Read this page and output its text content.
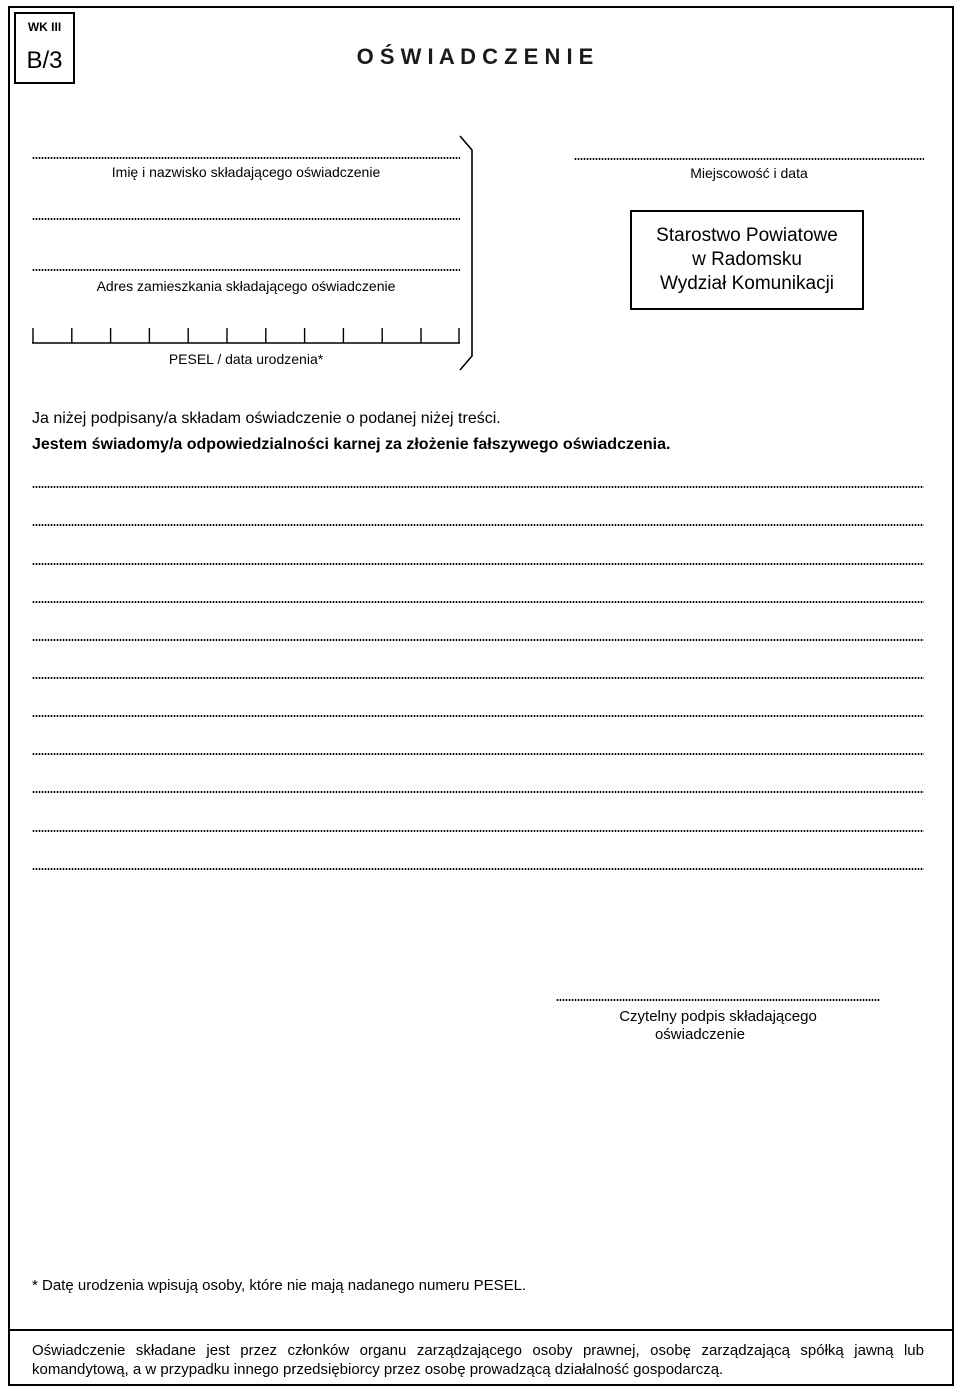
WK III
B/3	O Ś W I A D C Z E N I E
Imię i nazwisko składającego oświadczenie	Miejscowość i data
Adres zamieszkania składającego oświadczenie
Starostwo Powiatowe
w Radomsku
Wydział Komunikacji
PESEL / data urodzenia*
Ja niżej podpisany/a składam oświadczenie o podanej niżej treści.
Jestem świadomy/a odpowiedzialności karnej za złożenie fałszywego oświadczenia.
Czytelny podpis składającego
oświadczenie
* Datę urodzenia wpisują osoby, które nie mają nadanego numeru PESEL.
Oświadczenie składane jest przez członków organu zarządzającego osoby prawnej, osobę zarządzającą spółką jawną lub komandytową, a w przypadku innego przedsiębiorcy przez osobę prowadzącą działalność gospodarczą.
